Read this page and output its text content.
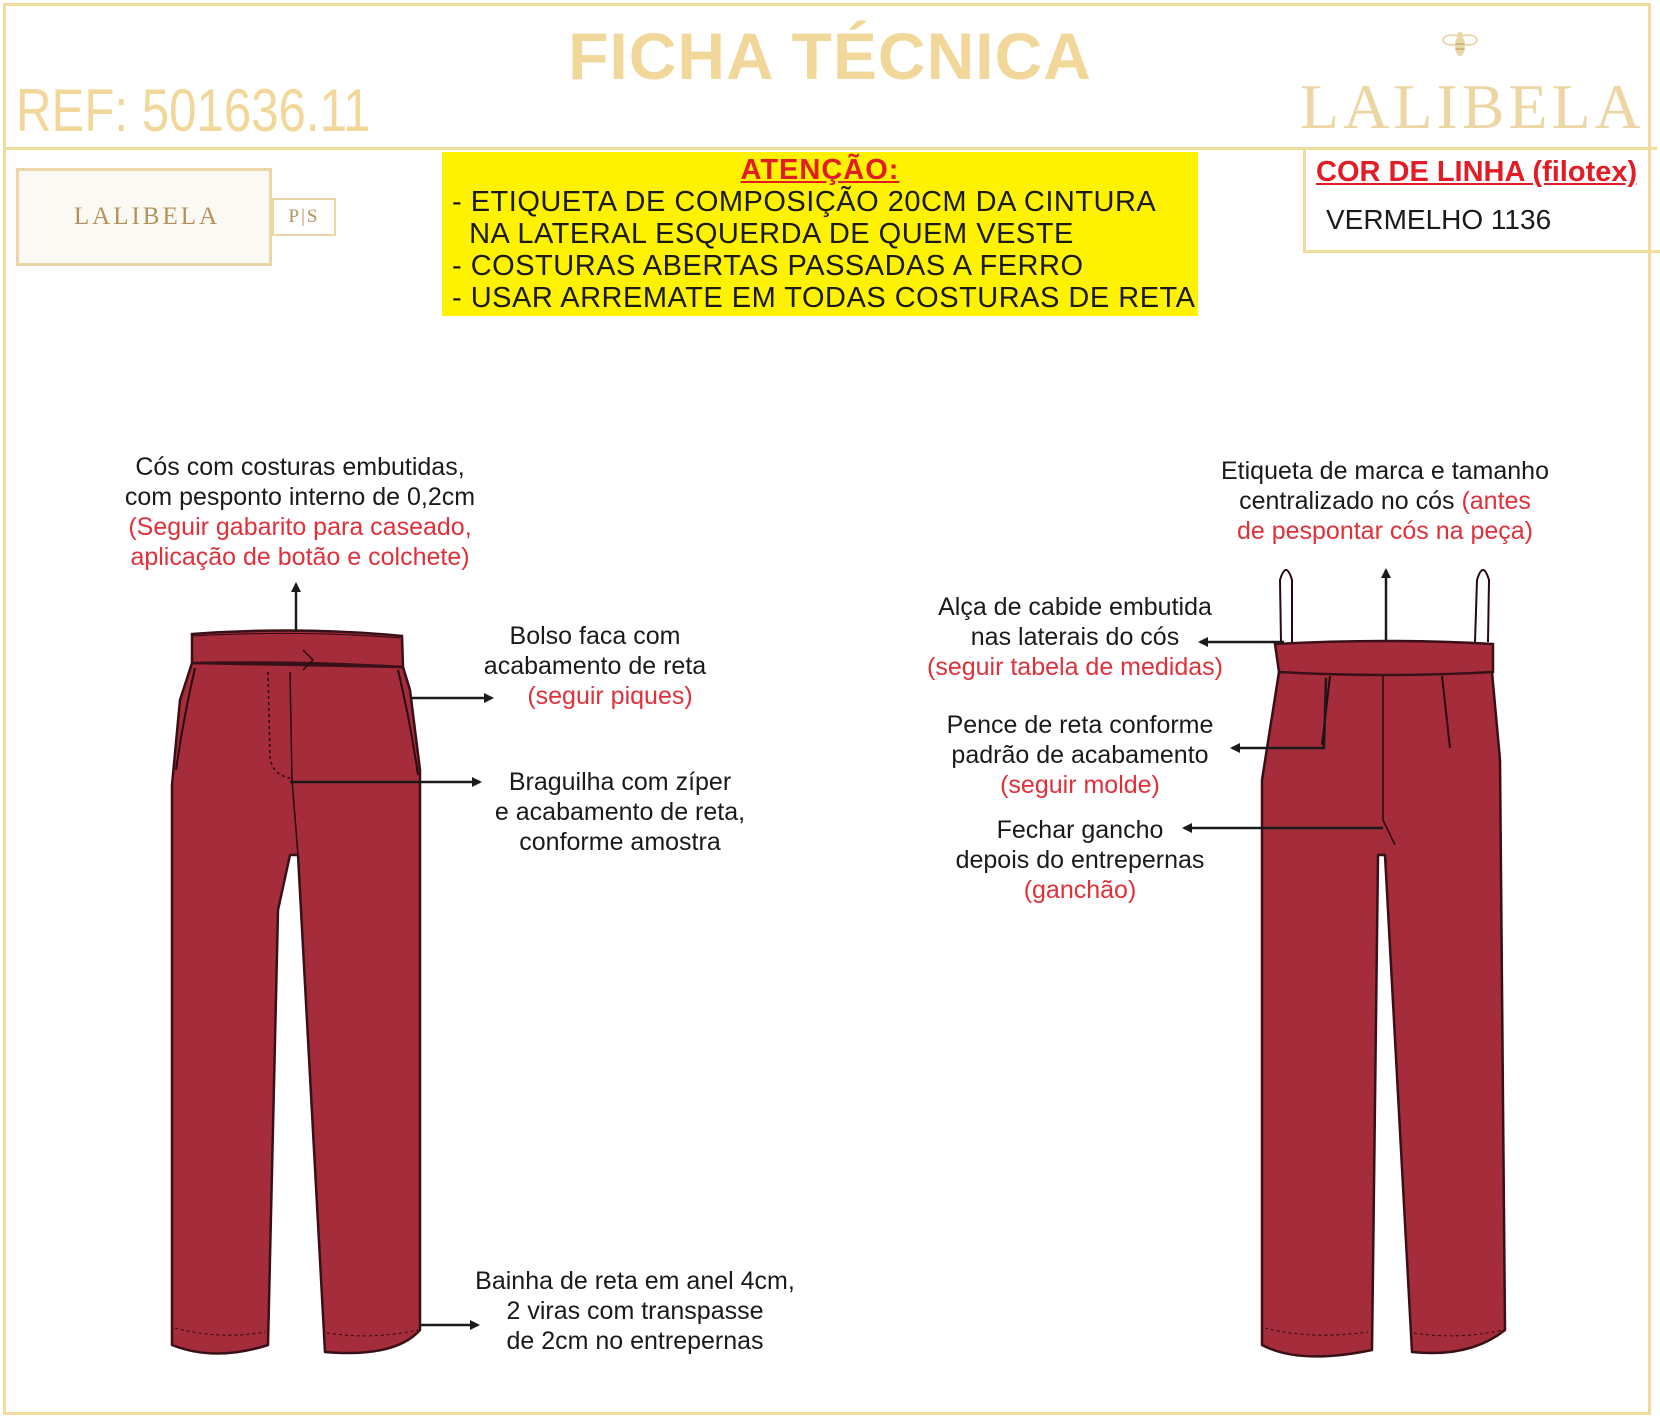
FICHA TÉCNICA
REF: 501636.11	LALIBELA
LALIBELA	P|S
ATENÇÃO:
- ETIQUETA DE COMPOSIÇÃO 20CM DA CINTURA
NA LATERAL ESQUERDA DE QUEM VESTE
- COSTURAS ABERTAS PASSADAS A FERRO
- USAR ARREMATE EM TODAS COSTURAS DE RETA
COR DE LINHA (filotex)
VERMELHO 1136
Cós com costuras embutidas,
com pesponto interno de 0,2cm
(Seguir gabarito para caseado,
aplicação de botão e colchete)
Bolso faca com
acabamento de reta
(seguir piques)
Braguilha com zíper
e acabamento de reta,
conforme amostra
Bainha de reta em anel 4cm,
2 viras com transpasse
de 2cm no entrepernas
Etiqueta de marca e tamanho
centralizado no cós (antes
de pespontar cós na peça)
Alça de cabide embutida
nas laterais do cós
(seguir tabela de medidas)
Pence de reta conforme
padrão de acabamento
(seguir molde)
Fechar gancho
depois do entrepernas
(ganchão)
